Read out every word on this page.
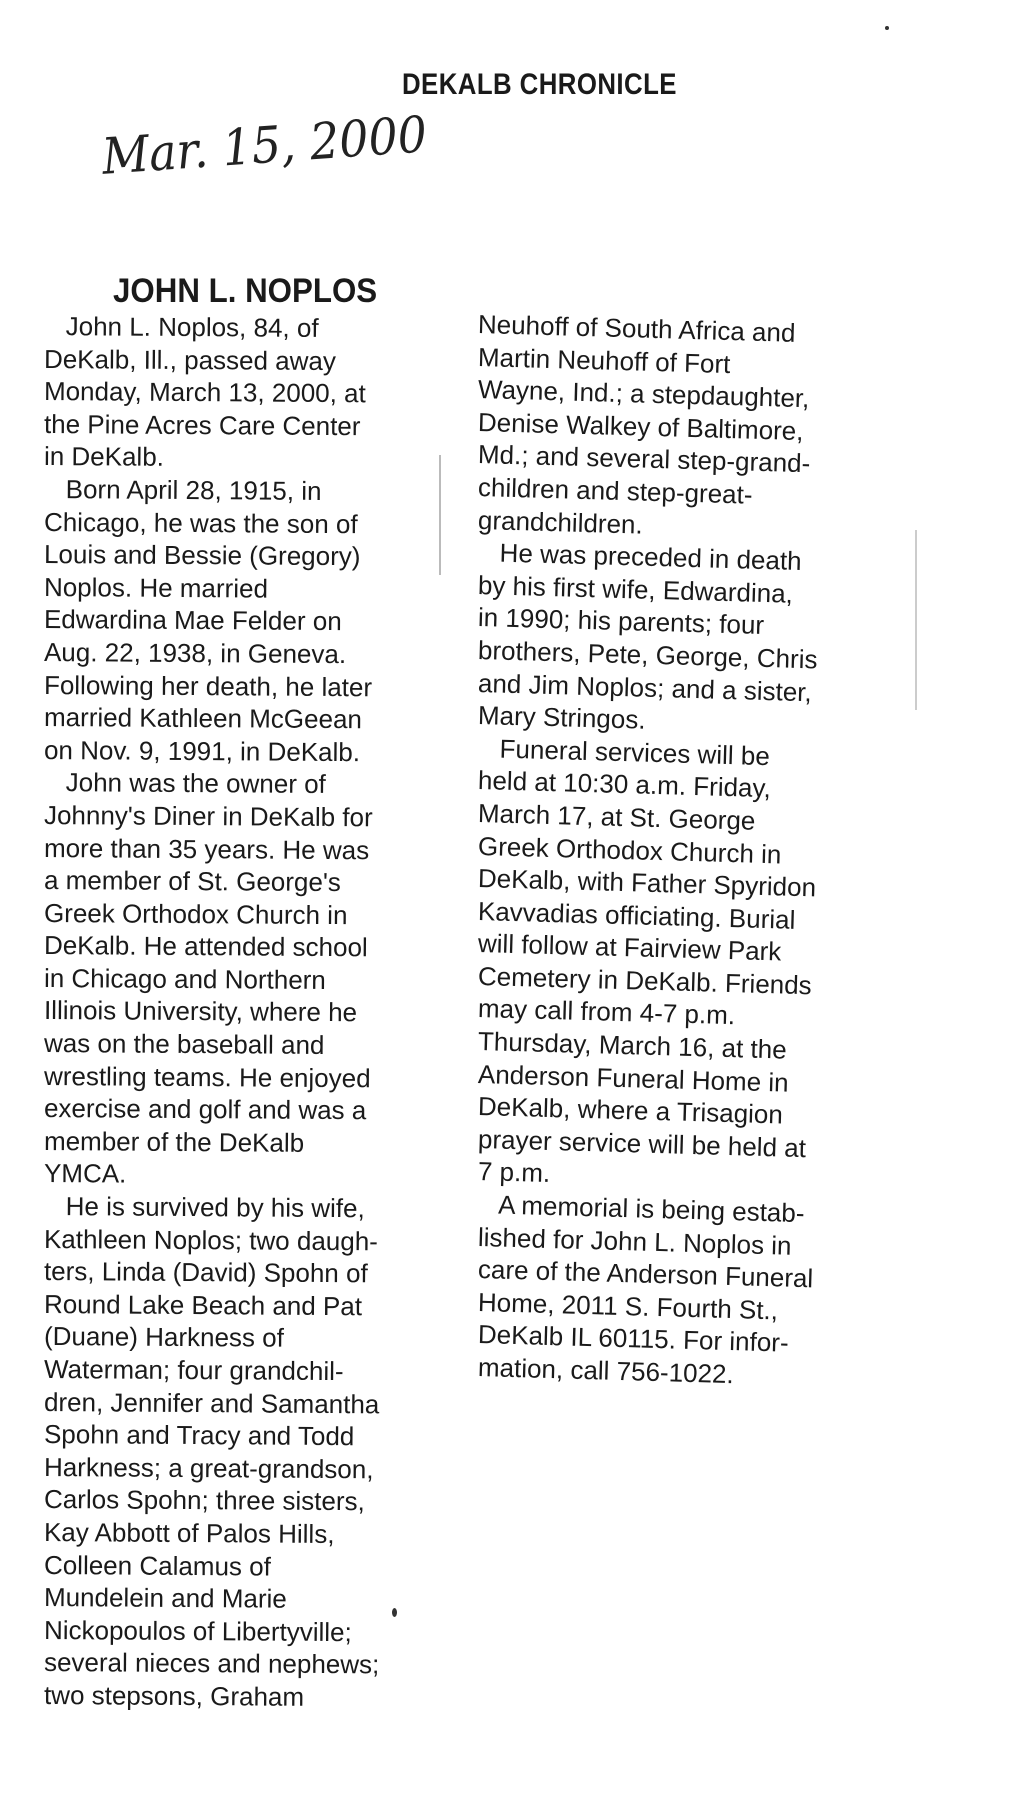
DEKALB CHRONICLE
Mar. 15, 2000
JOHN L. NOPLOS
John L. Noplos, 84, of
DeKalb, Ill., passed away
Monday, March 13, 2000, at
the Pine Acres Care Center
in DeKalb.
Born April 28, 1915, in
Chicago, he was the son of
Louis and Bessie (Gregory)
Noplos. He married
Edwardina Mae Felder on
Aug. 22, 1938, in Geneva.
Following her death, he later
married Kathleen McGeean
on Nov. 9, 1991, in DeKalb.
John was the owner of
Johnny's Diner in DeKalb for
more than 35 years. He was
a member of St. George's
Greek Orthodox Church in
DeKalb. He attended school
in Chicago and Northern
Illinois University, where he
was on the baseball and
wrestling teams. He enjoyed
exercise and golf and was a
member of the DeKalb
YMCA.
He is survived by his wife,
Kathleen Noplos; two daugh-
ters, Linda (David) Spohn of
Round Lake Beach and Pat
(Duane) Harkness of
Waterman; four grandchil-
dren, Jennifer and Samantha
Spohn and Tracy and Todd
Harkness; a great-grandson,
Carlos Spohn; three sisters,
Kay Abbott of Palos Hills,
Colleen Calamus of
Mundelein and Marie
Nickopoulos of Libertyville;
several nieces and nephews;
two stepsons, Graham
Neuhoff of South Africa and
Martin Neuhoff of Fort
Wayne, Ind.; a stepdaughter,
Denise Walkey of Baltimore,
Md.; and several step-grand-
children and step-great-
grandchildren.
He was preceded in death
by his first wife, Edwardina,
in 1990; his parents; four
brothers, Pete, George, Chris
and Jim Noplos; and a sister,
Mary Stringos.
Funeral services will be
held at 10:30 a.m. Friday,
March 17, at St. George
Greek Orthodox Church in
DeKalb, with Father Spyridon
Kavvadias officiating. Burial
will follow at Fairview Park
Cemetery in DeKalb. Friends
may call from 4-7 p.m.
Thursday, March 16, at the
Anderson Funeral Home in
DeKalb, where a Trisagion
prayer service will be held at
7 p.m.
A memorial is being estab-
lished for John L. Noplos in
care of the Anderson Funeral
Home, 2011 S. Fourth St.,
DeKalb IL 60115. For infor-
mation, call 756-1022.
